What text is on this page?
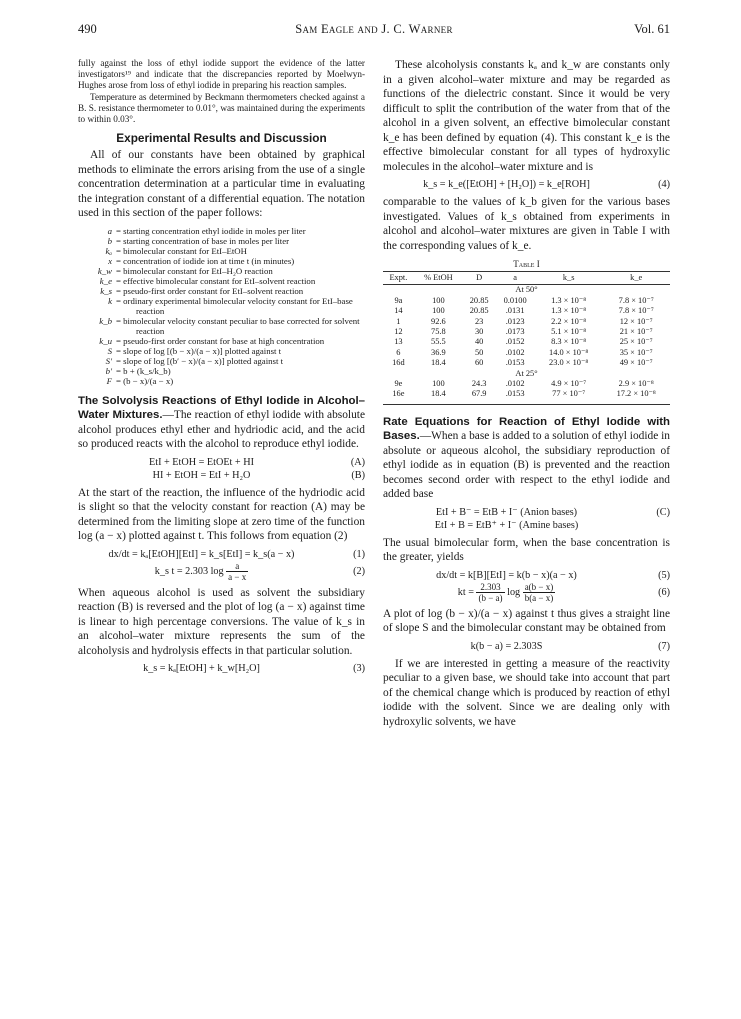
490	Sam Eagle and J. C. Warner	Vol. 61

fully against the loss of ethyl iodide support the evidence of the latter investigators¹⁹ and indicate that the discrepancies reported by Moelwyn-Hughes arose from loss of ethyl iodide in preparing his reaction samples.

Temperature as determined by Beckmann thermometers checked against a B. S. resistance thermometer to 0.01°, was maintained during the experiments to within 0.03°.

Experimental Results and Discussion

All of our constants have been obtained by graphical methods to eliminate the errors arising from the use of a single concentration determination at a particular time in evaluating the integration constant of a differential equation. The notation used in this section of the paper follows:

a = starting concentration ethyl iodide in moles per liter
b = starting concentration of base in moles per liter
kₐ = bimolecular constant for EtI–EtOH
x = concentration of iodide ion at time t (in minutes)
k_w = bimolecular constant for EtI–H₂O reaction
k_e = effective bimolecular constant for EtI–solvent reaction
k_s = pseudo-first order constant for EtI–solvent reaction
k = ordinary experimental bimolecular velocity constant for EtI–base reaction
k_b = bimolecular velocity constant peculiar to base corrected for solvent reaction
k_u = pseudo-first order constant for base at high concentration
S = slope of log [(b − x)/(a − x)] plotted against t
S′ = slope of log [(b′ − x)/(a − x)] plotted against t
b′ = b + (k_s/k_b)
F = (b − x)/(a − x)

The Solvolysis Reactions of Ethyl Iodide in Alcohol–Water Mixtures.—The reaction of ethyl iodide with absolute alcohol produces ethyl ether and hydriodic acid, and the acid so produced reacts with the alcohol to reproduce ethyl iodide.

EtI + EtOH = EtOEt + HI	(A)
HI + EtOH = EtI + H₂O	(B)

At the start of the reaction, the influence of the hydriodic acid is slight so that the velocity constant for reaction (A) may be determined from the limiting slope at zero time of the function log (a − x) plotted against t. This follows from equation (2)

dx/dt = kₐ[EtOH][EtI] = k_s[EtI] = k_s(a − x)	(1)
k_s t = 2.303 $\log \frac{a}{a - x}$	(2)

When aqueous alcohol is used as solvent the subsidiary reaction (B) is reversed and the plot of log (a − x) against time is linear to high percentage conversions. The value of k_s in an alcohol–water mixture represents the sum of the alcoholysis and hydrolysis effects in that particular solution.

k_s = kₐ[EtOH] + k_w[H₂O]	(3)

These alcoholysis constants kₐ and k_w are constants only in a given alcohol–water mixture and may be regarded as functions of the dielectric constant. Since it would be very difficult to split the contribution of the water from that of the alcohol in a given solvent, an effective bimolecular constant k_e has been defined by equation (4). This constant k_e is the effective bimolecular constant for all types of hydroxylic molecules in the alcohol–water mixture and is

k_s = k_e([EtOH] + [H₂O]) = k_e[ROH]	(4)

comparable to the values of k_b given for the various bases investigated. Values of k_s obtained from experiments in alcohol and alcohol–water mixtures are given in Table I with the corresponding values of k_e.

Table I
Expt.	% EtOH	D	a	k_s	k_e
At 50°					
9a	100	20.85	0.0100	1.3 × 10⁻⁸	7.8 × 10⁻⁷
14	100	20.85	.0131	1.3 × 10⁻⁸	7.8 × 10⁻⁷
1	92.6	23	.0123	2.2 × 10⁻⁸	12 × 10⁻⁷
12	75.8	30	.0173	5.1 × 10⁻⁸	21 × 10⁻⁷
13	55.5	40	.0152	8.3 × 10⁻⁸	25 × 10⁻⁷
6	36.9	50	.0102	14.0 × 10⁻⁸	35 × 10⁻⁷
16d	18.4	60	.0153	23.0 × 10⁻⁸	49 × 10⁻⁷
At 25°					
9e	100	24.3	.0102	4.9 × 10⁻⁷	2.9 × 10⁻⁸
16e	18.4	67.9	.0153	77 × 10⁻⁷	17.2 × 10⁻⁸

Rate Equations for Reaction of Ethyl Iodide with Bases.—When a base is added to a solution of ethyl iodide in absolute or aqueous alcohol, the subsidiary reproduction of ethyl iodide as in equation (B) is prevented and the reaction becomes second order with respect to the ethyl iodide and added base

EtI + B⁻ = EtB + I⁻ (Anion bases)	(C)
EtI + B = EtB⁺ + I⁻ (Amine bases)

The usual bimolecular form, when the base concentration is the greater, yields

dx/dt = k[B][EtI] = k(b − x)(a − x)	(5)
kt = $\frac{2.303}{(b - a)}$ $\log \frac{a(b - x)}{b(a - x)}$	(6)

A plot of log (b − x)/(a − x) against t thus gives a straight line of slope S and the bimolecular constant may be obtained from

k(b − a) = 2.303S	(7)

If we are interested in getting a measure of the reactivity peculiar to a given base, we should take into account that part of the chemical change which is produced by reaction of ethyl iodide with the solvent. Since we are dealing only with hydroxylic solvents, we have
